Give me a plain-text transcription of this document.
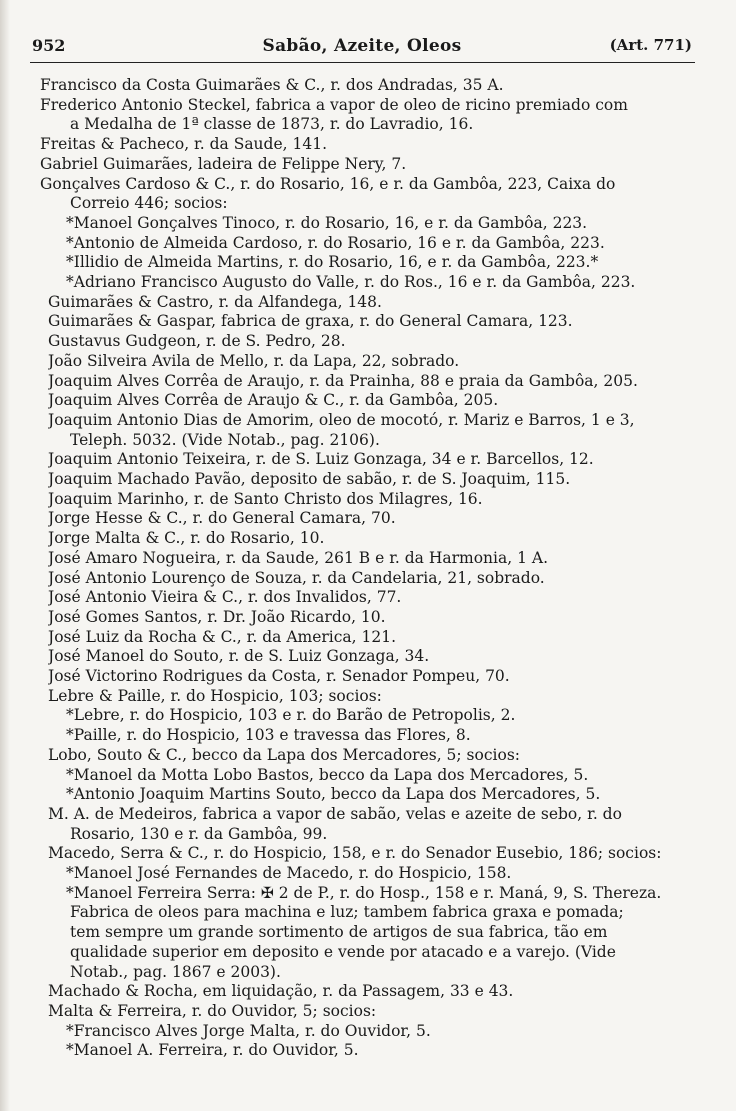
952	Sabão, Azeite, Oleos	(Art. 771)
Francisco da Costa Guimarães & C., r. dos Andradas, 35 A.
Frederico Antonio Steckel, fabrica a vapor de oleo de ricino premiado com
a Medalha de 1ª classe de 1873, r. do Lavradio, 16.
Freitas & Pacheco, r. da Saude, 141.
Gabriel Guimarães, ladeira de Felippe Nery, 7.
Gonçalves Cardoso & C., r. do Rosario, 16, e r. da Gambôa, 223, Caixa do
Correio 446; socios:
*Manoel Gonçalves Tinoco, r. do Rosario, 16, e r. da Gambôa, 223.
*Antonio de Almeida Cardoso, r. do Rosario, 16 e r. da Gambôa, 223.
*Illidio de Almeida Martins, r. do Rosario, 16, e r. da Gambôa, 223.*
*Adriano Francisco Augusto do Valle, r. do Ros., 16 e r. da Gambôa, 223.
Guimarães & Castro, r. da Alfandega, 148.
Guimarães & Gaspar, fabrica de graxa, r. do General Camara, 123.
Gustavus Gudgeon, r. de S. Pedro, 28.
João Silveira Avila de Mello, r. da Lapa, 22, sobrado.
Joaquim Alves Corrêa de Araujo, r. da Prainha, 88 e praia da Gambôa, 205.
Joaquim Alves Corrêa de Araujo & C., r. da Gambôa, 205.
Joaquim Antonio Dias de Amorim, oleo de mocotó, r. Mariz e Barros, 1 e 3,
Teleph. 5032. (Vide Notab., pag. 2106).
Joaquim Antonio Teixeira, r. de S. Luiz Gonzaga, 34 e r. Barcellos, 12.
Joaquim Machado Pavão, deposito de sabão, r. de S. Joaquim, 115.
Joaquim Marinho, r. de Santo Christo dos Milagres, 16.
Jorge Hesse & C., r. do General Camara, 70.
Jorge Malta & C., r. do Rosario, 10.
José Amaro Nogueira, r. da Saude, 261 B e r. da Harmonia, 1 A.
José Antonio Lourenço de Souza, r. da Candelaria, 21, sobrado.
José Antonio Vieira & C., r. dos Invalidos, 77.
José Gomes Santos, r. Dr. João Ricardo, 10.
José Luiz da Rocha & C., r. da America, 121.
José Manoel do Souto, r. de S. Luiz Gonzaga, 34.
José Victorino Rodrigues da Costa, r. Senador Pompeu, 70.
Lebre & Paille, r. do Hospicio, 103; socios:
*Lebre, r. do Hospicio, 103 e r. do Barão de Petropolis, 2.
*Paille, r. do Hospicio, 103 e travessa das Flores, 8.
Lobo, Souto & C., becco da Lapa dos Mercadores, 5; socios:
*Manoel da Motta Lobo Bastos, becco da Lapa dos Mercadores, 5.
*Antonio Joaquim Martins Souto, becco da Lapa dos Mercadores, 5.
M. A. de Medeiros, fabrica a vapor de sabão, velas e azeite de sebo, r. do
Rosario, 130 e r. da Gambôa, 99.
Macedo, Serra & C., r. do Hospicio, 158, e r. do Senador Eusebio, 186; socios:
*Manoel José Fernandes de Macedo, r. do Hospicio, 158.
*Manoel Ferreira Serra: ✠ 2 de P., r. do Hosp., 158 e r. Maná, 9, S. Thereza.
Fabrica de oleos para machina e luz; tambem fabrica graxa e pomada;
tem sempre um grande sortimento de artigos de sua fabrica, tão em
qualidade superior em deposito e vende por atacado e a varejo. (Vide
Notab., pag. 1867 e 2003).
Machado & Rocha, em liquidação, r. da Passagem, 33 e 43.
Malta & Ferreira, r. do Ouvidor, 5; socios:
*Francisco Alves Jorge Malta, r. do Ouvidor, 5.
*Manoel A. Ferreira, r. do Ouvidor, 5.
